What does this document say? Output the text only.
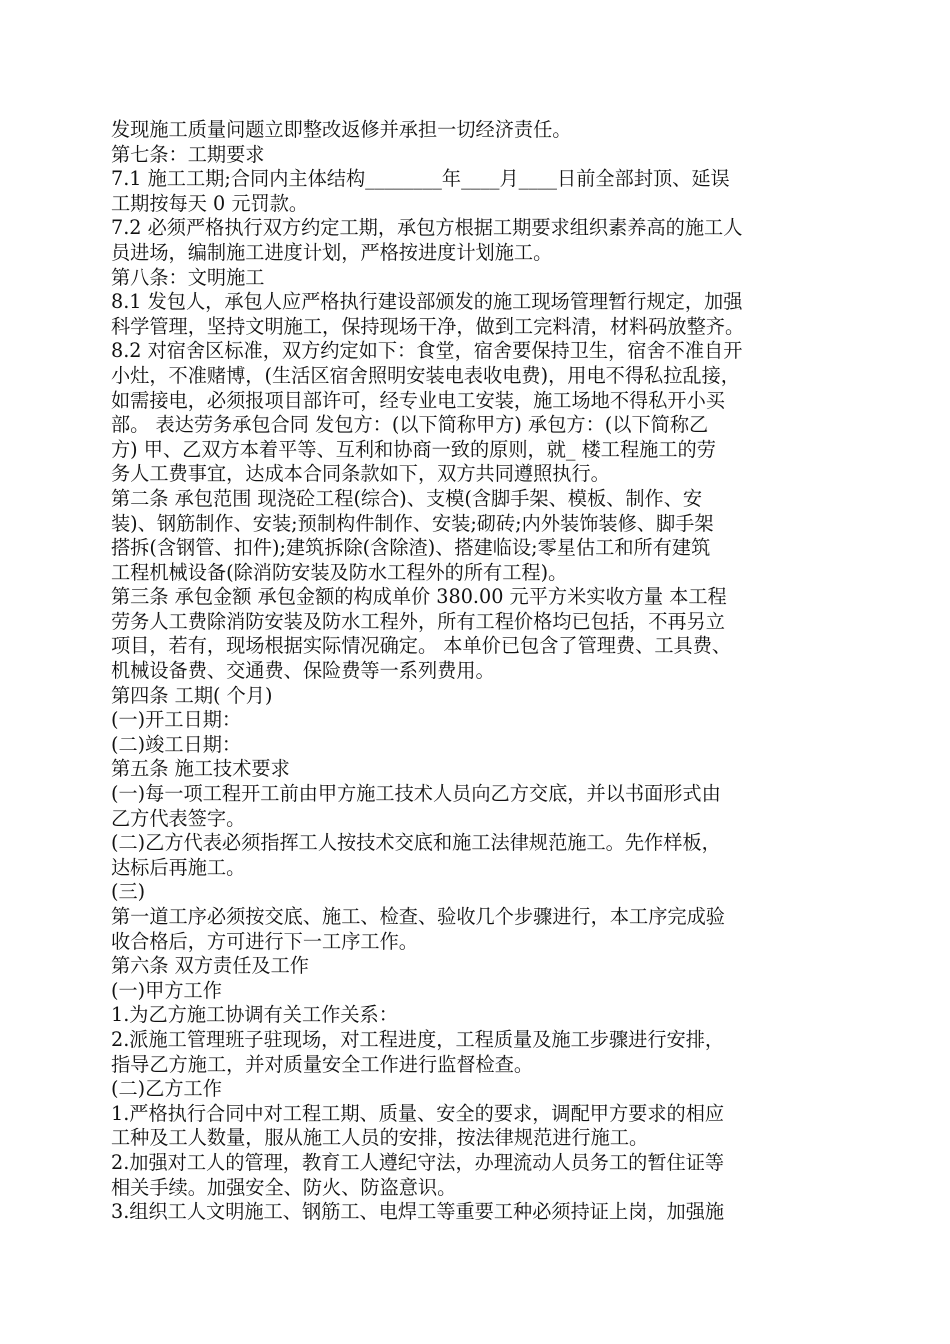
发现施工质量问题立即整改返修并承担一切经济责任。
第七条：工期要求
7.1 施工工期;合同内主体结构________年____月____日前全部封顶、延误
工期按每天 0 元罚款。
7.2 必须严格执行双方约定工期，承包方根据工期要求组织素养高的施工人
员进场，编制施工进度计划，严格按进度计划施工。
第八条：文明施工
8.1 发包人，承包人应严格执行建设部颁发的施工现场管理暂行规定，加强
科学管理，坚持文明施工，保持现场干净，做到工完料清，材料码放整齐。
8.2 对宿舍区标准，双方约定如下：食堂，宿舍要保持卫生，宿舍不准自开
小灶，不准赌博，(生活区宿舍照明安装电表收电费)，用电不得私拉乱接，
如需接电，必须报项目部许可，经专业电工安装，施工场地不得私开小买
部。 表达劳务承包合同 发包方：(以下简称甲方) 承包方：(以下简称乙
方) 甲、乙双方本着平等、互利和协商一致的原则，就_ 楼工程施工的劳
务人工费事宜，达成本合同条款如下，双方共同遵照执行。
第二条 承包范围 现浇砼工程(综合)、支模(含脚手架、模板、制作、安
装)、钢筋制作、安装;预制构件制作、安装;砌砖;内外装饰装修、脚手架
搭拆(含钢管、扣件);建筑拆除(含除渣)、搭建临设;零星估工和所有建筑
工程机械设备(除消防安装及防水工程外的所有工程)。
第三条 承包金额 承包金额的构成单价 380.00 元平方米实收方量 本工程
劳务人工费除消防安装及防水工程外，所有工程价格均已包括，不再另立
项目，若有，现场根据实际情况确定。 本单价已包含了管理费、工具费、
机械设备费、交通费、保险费等一系列费用。
第四条 工期( 个月)
(一)开工日期：
(二)竣工日期：
第五条 施工技术要求
(一)每一项工程开工前由甲方施工技术人员向乙方交底，并以书面形式由
乙方代表签字。
(二)乙方代表必须指挥工人按技术交底和施工法律规范施工。先作样板，
达标后再施工。
(三)
第一道工序必须按交底、施工、检查、验收几个步骤进行，本工序完成验
收合格后，方可进行下一工序工作。
第六条 双方责任及工作
(一)甲方工作
1.为乙方施工协调有关工作关系：
2.派施工管理班子驻现场，对工程进度，工程质量及施工步骤进行安排，
指导乙方施工，并对质量安全工作进行监督检查。
(二)乙方工作
1.严格执行合同中对工程工期、质量、安全的要求，调配甲方要求的相应
工种及工人数量，服从施工人员的安排，按法律规范进行施工。
2.加强对工人的管理，教育工人遵纪守法，办理流动人员务工的暂住证等
相关手续。加强安全、防火、防盗意识。
3.组织工人文明施工、钢筋工、电焊工等重要工种必须持证上岗，加强施
